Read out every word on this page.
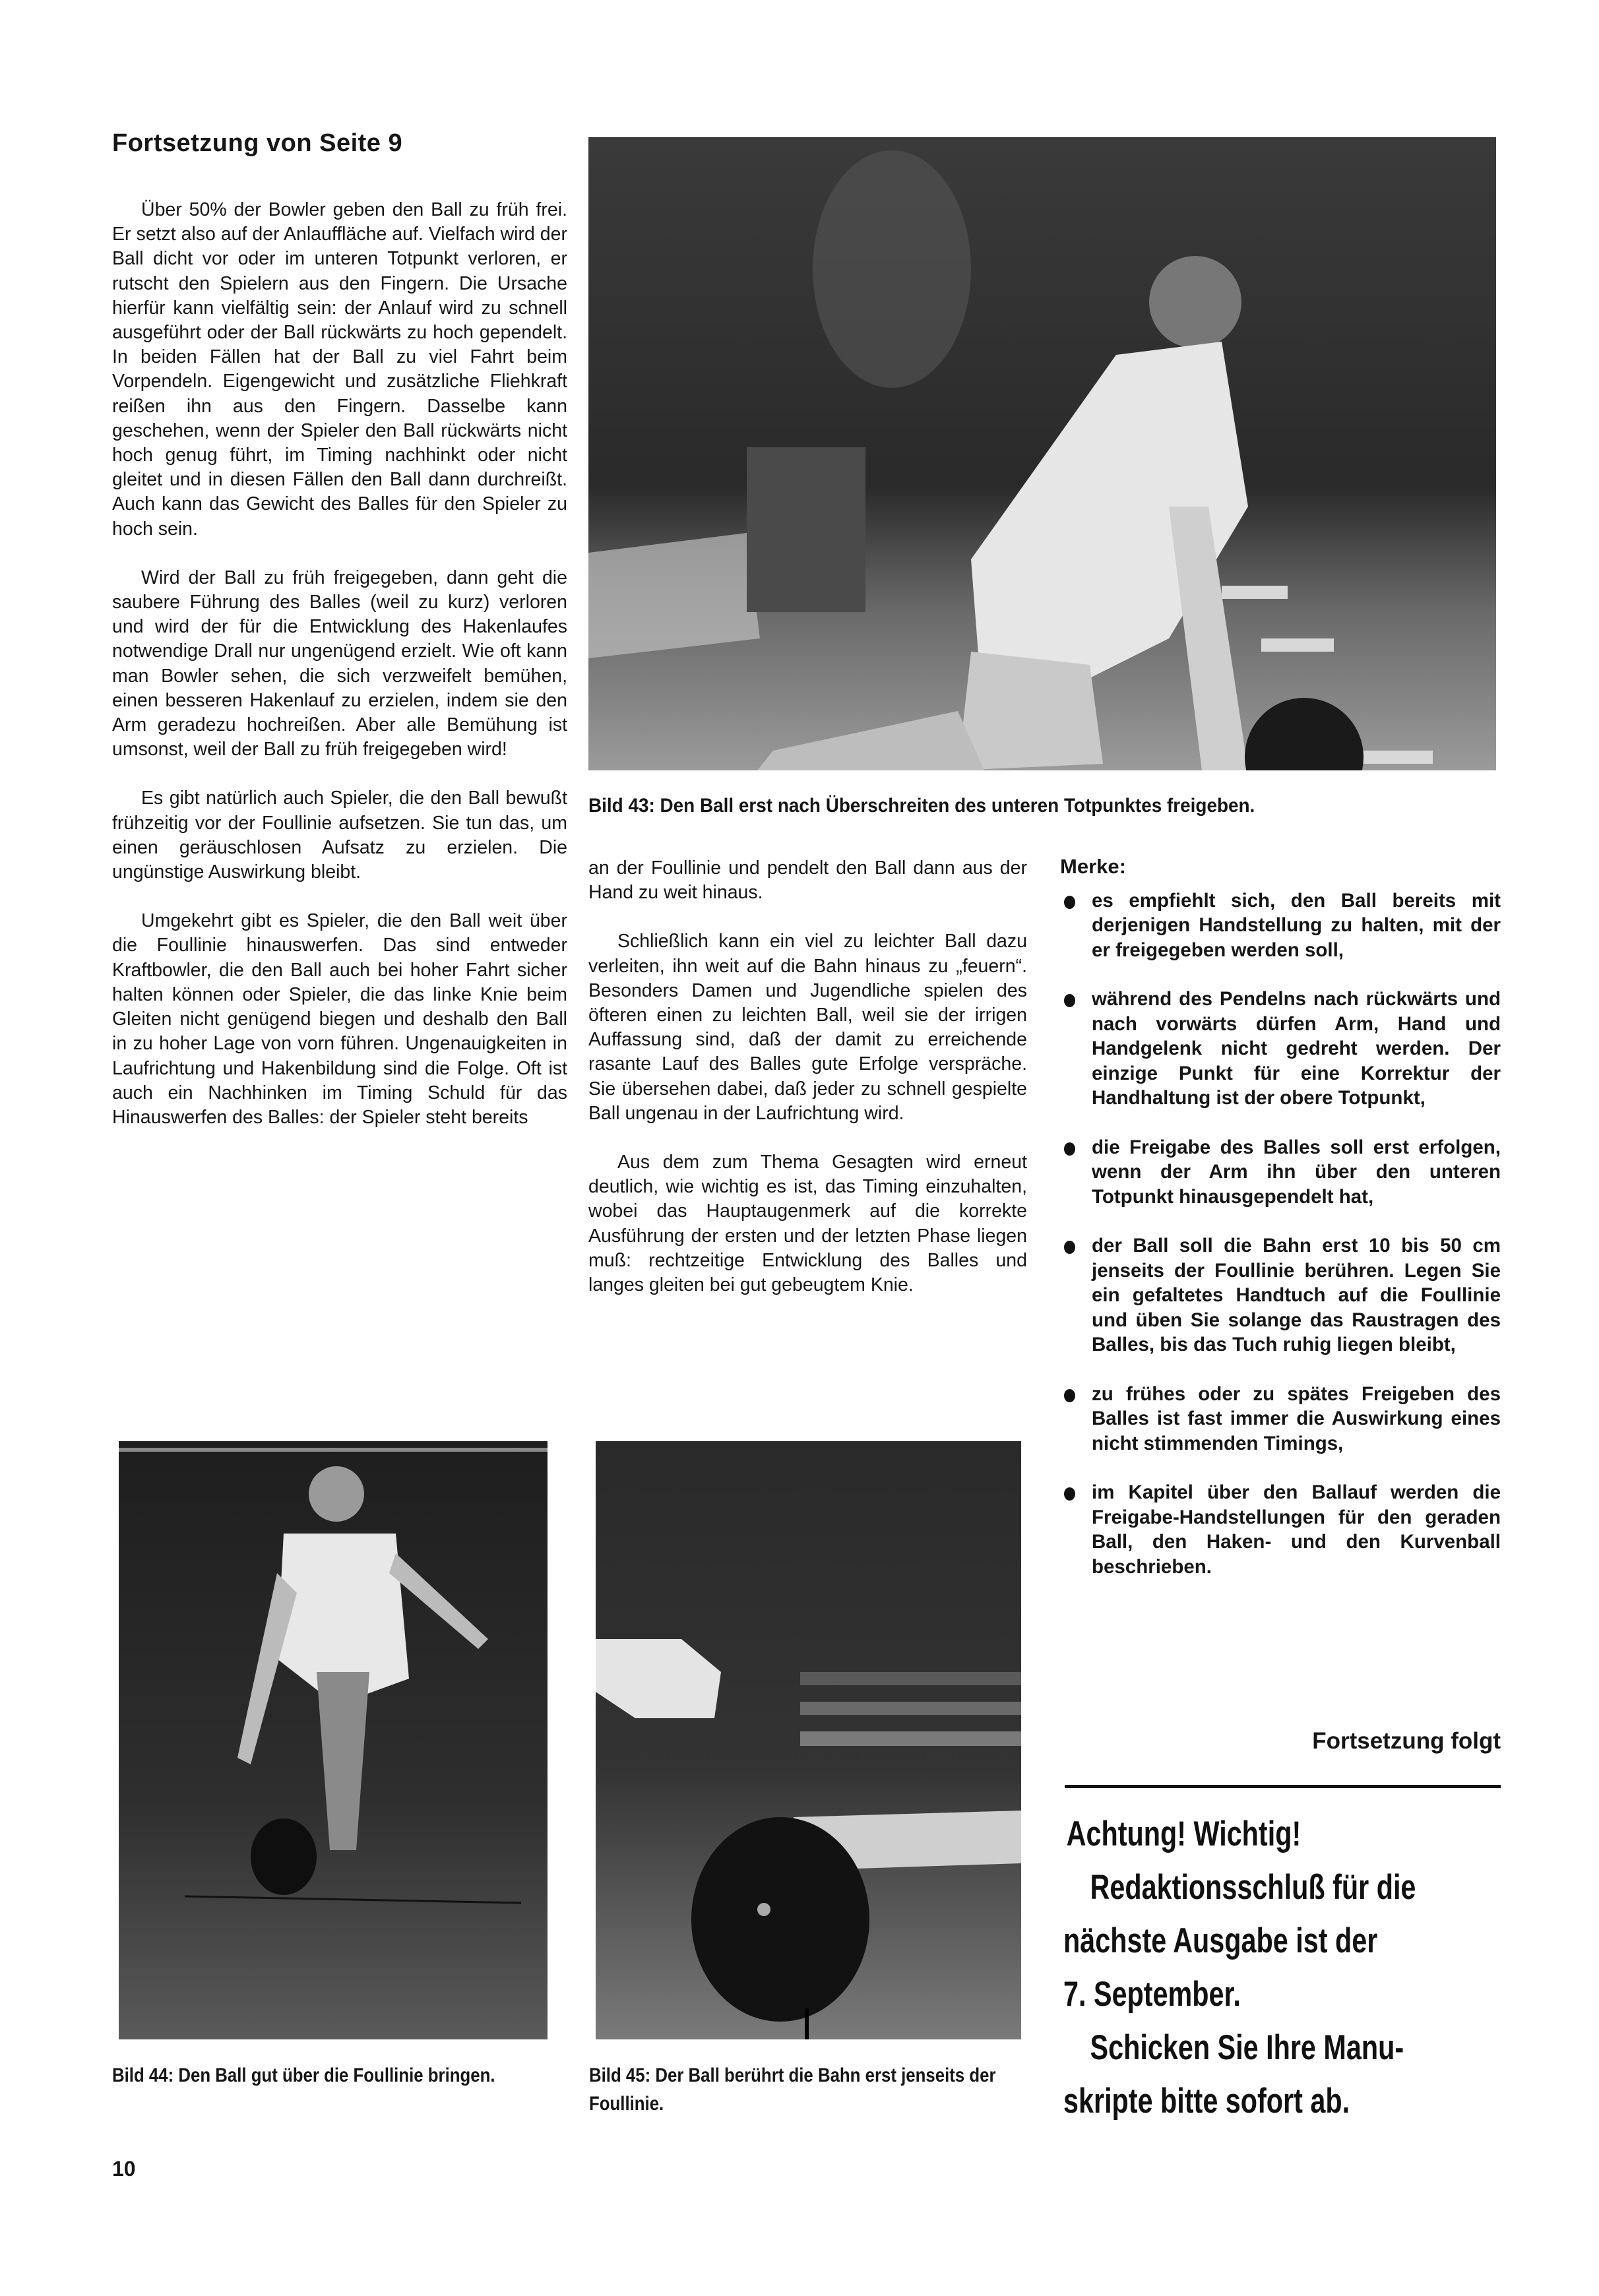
Fortsetzung von Seite 9

Über 50% der Bowler geben den Ball zu früh frei. Er setzt also auf der Anlauffläche auf. Vielfach wird der Ball dicht vor oder im unteren Totpunkt verloren, er rutscht den Spielern aus den Fingern. Die Ursache hierfür kann vielfältig sein: der Anlauf wird zu schnell ausgeführt oder der Ball rückwärts zu hoch gependelt. In beiden Fällen hat der Ball zu viel Fahrt beim Vorpendeln. Eigengewicht und zusätzliche Fliehkraft reißen ihn aus den Fingern. Dasselbe kann geschehen, wenn der Spieler den Ball rückwärts nicht hoch genug führt, im Timing nachhinkt oder nicht gleitet und in diesen Fällen den Ball dann durchreißt. Auch kann das Gewicht des Balles für den Spieler zu hoch sein.

Wird der Ball zu früh freigegeben, dann geht die saubere Führung des Balles (weil zu kurz) verloren und wird der für die Entwicklung des Hakenlaufes notwendige Drall nur ungenügend erzielt. Wie oft kann man Bowler sehen, die sich verzweifelt bemühen, einen besseren Hakenlauf zu erzielen, indem sie den Arm geradezu hochreißen. Aber alle Bemühung ist umsonst, weil der Ball zu früh freigegeben wird!

Es gibt natürlich auch Spieler, die den Ball bewußt frühzeitig vor der Foullinie aufsetzen. Sie tun das, um einen geräuschlosen Aufsatz zu erzielen. Die ungünstige Auswirkung bleibt.

Umgekehrt gibt es Spieler, die den Ball weit über die Foullinie hinauswerfen. Das sind entweder Kraftbowler, die den Ball auch bei hoher Fahrt sicher halten können oder Spieler, die das linke Knie beim Gleiten nicht genügend biegen und deshalb den Ball in zu hoher Lage von vorn führen. Ungenauigkeiten in Laufrichtung und Hakenbildung sind die Folge. Oft ist auch ein Nachhinken im Timing Schuld für das Hinauswerfen des Balles: der Spieler steht bereits

Bild 43: Den Ball erst nach Überschreiten des unteren Totpunktes freigeben.

an der Foullinie und pendelt den Ball dann aus der Hand zu weit hinaus.

Schließlich kann ein viel zu leichter Ball dazu verleiten, ihn weit auf die Bahn hinaus zu „feuern“. Besonders Damen und Jugendliche spielen des öfteren einen zu leichten Ball, weil sie der irrigen Auffassung sind, daß der damit zu erreichende rasante Lauf des Balles gute Erfolge verspräche. Sie übersehen dabei, daß jeder zu schnell gespielte Ball ungenau in der Laufrichtung wird.

Aus dem zum Thema Gesagten wird erneut deutlich, wie wichtig es ist, das Timing einzuhalten, wobei das Hauptaugenmerk auf die korrekte Ausführung der ersten und der letzten Phase liegen muß: rechtzeitige Entwicklung des Balles und langes gleiten bei gut gebeugtem Knie.

Merke:
es empfiehlt sich, den Ball bereits mit derjenigen Handstellung zu halten, mit der er freigegeben werden soll,
während des Pendelns nach rückwärts und nach vorwärts dürfen Arm, Hand und Handgelenk nicht gedreht werden. Der einzige Punkt für eine Korrektur der Handhaltung ist der obere Totpunkt,
die Freigabe des Balles soll erst erfolgen, wenn der Arm ihn über den unteren Totpunkt hinausgependelt hat,
der Ball soll die Bahn erst 10 bis 50 cm jenseits der Foullinie berühren. Legen Sie ein gefaltetes Handtuch auf die Foullinie und üben Sie solange das Raustragen des Balles, bis das Tuch ruhig liegen bleibt,
zu frühes oder zu spätes Freigeben des Balles ist fast immer die Auswirkung eines nicht stimmenden Timings,
im Kapitel über den Ballauf werden die Freigabe-Handstellungen für den geraden Ball, den Haken- und den Kurvenball beschrieben.
Fortsetzung folgt
Achtung! Wichtig!
Redaktionsschluß für die
nächste Ausgabe ist der
7. September.
Schicken Sie Ihre Manu-
skripte bitte sofort ab.
Bild 44: Den Ball gut über die Foullinie bringen.	Bild 45: Der Ball berührt die Bahn erst jenseits der Foullinie.
10
